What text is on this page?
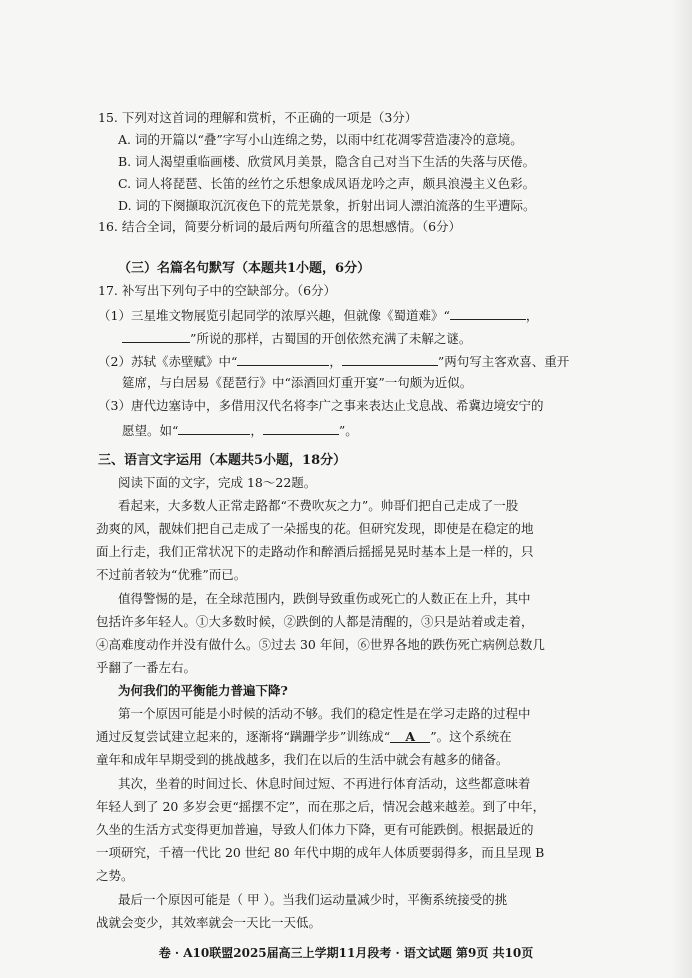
15. 下列对这首词的理解和赏析，不正确的一项是（3分）
A. 词的开篇以“叠”字写小山连绵之势，以雨中红花凋零营造凄冷的意境。
B. 词人渴望重临画楼、欣赏风月美景，隐含自己对当下生活的失落与厌倦。
C. 词人将琵琶、长笛的丝竹之乐想象成凤语龙吟之声，颇具浪漫主义色彩。
D. 词的下阕撷取沉沉夜色下的荒芜景象，折射出词人漂泊流落的生平遭际。
16. 结合全词，简要分析词的最后两句所蕴含的思想感情。（6分）
（三）名篇名句默写（本题共1小题，6分）
17. 补写出下列句子中的空缺部分。（6分）
（1）三星堆文物展览引起同学的浓厚兴趣，但就像《蜀道难》“	，
”所说的那样，古蜀国的开创依然充满了未解之谜。
（2）苏轼《赤壁赋》中“	，	”两句写主客欢喜、重开
筵席，与白居易《琵琶行》中“添酒回灯重开宴”一句颇为近似。
（3）唐代边塞诗中，多借用汉代名将李广之事来表达止戈息战、希冀边境安宁的
愿望。如“	，	”。
三、语言文字运用（本题共5小题，18分）
阅读下面的文字，完成 18～22题。
看起来，大多数人正常走路都“不费吹灰之力”。帅哥们把自己走成了一股
劲爽的风，靓妹们把自己走成了一朵摇曳的花。但研究发现，即使是在稳定的地
面上行走，我们正常状况下的走路动作和醉酒后摇摇晃晃时基本上是一样的，只
不过前者较为“优雅”而已。
值得警惕的是，在全球范围内，跌倒导致重伤或死亡的人数正在上升，其中
包括许多年轻人。①大多数时候，②跌倒的人都是清醒的，③只是站着或走着，
④高难度动作并没有做什么。⑤过去 30 年间，⑥世界各地的跌伤死亡病例总数几
乎翻了一番左右。
为何我们的平衡能力普遍下降?
第一个原因可能是小时候的活动不够。我们的稳定性是在学习走路的过程中
通过反复尝试建立起来的，逐渐将“蹒跚学步”训练成“ A ”。这个系统在
童年和成年早期受到的挑战越多，我们在以后的生活中就会有越多的储备。
其次，坐着的时间过长、休息时间过短、不再进行体育活动，这些都意味着
年轻人到了 20 多岁会更“摇摆不定”，而在那之后，情况会越来越差。到了中年，
久坐的生活方式变得更加普遍，导致人们体力下降，更有可能跌倒。根据最近的
一项研究，千禧一代比 20 世纪 80 年代中期的成年人体质要弱得多，而且呈现 B
之势。
最后一个原因可能是（ 甲 ）。当我们运动量减少时，平衡系统接受的挑
战就会变少，其效率就会一天比一天低。
卷 · A10联盟2025届高三上学期11月段考 · 语文试题 第9页 共10页
